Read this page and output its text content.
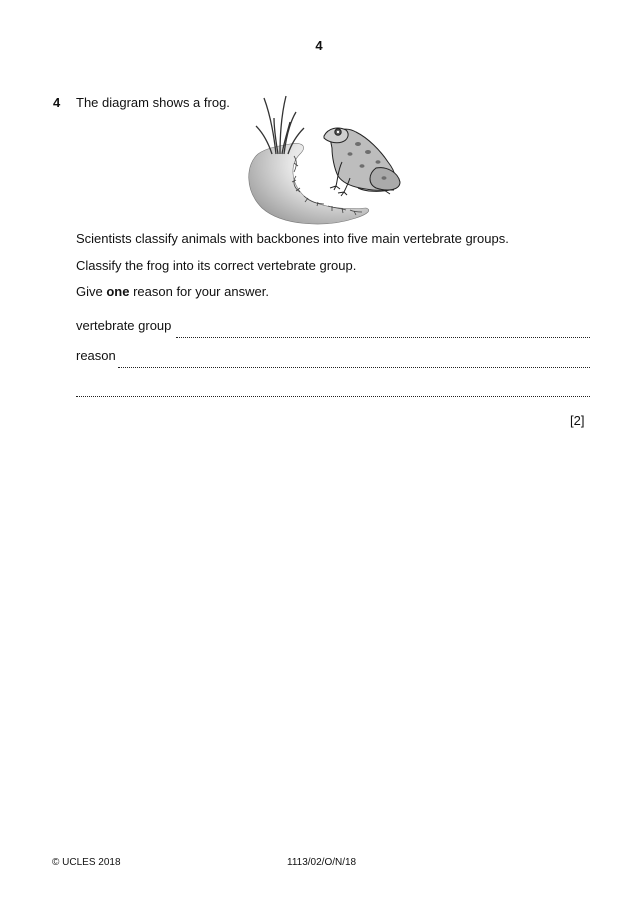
4
4 The diagram shows a frog.
Scientists classify animals with backbones into five main vertebrate groups.
Classify the frog into its correct vertebrate group.
Give one reason for your answer.
vertebrate group
reason
[2]
© UCLES 2018	1113/02/O/N/18
